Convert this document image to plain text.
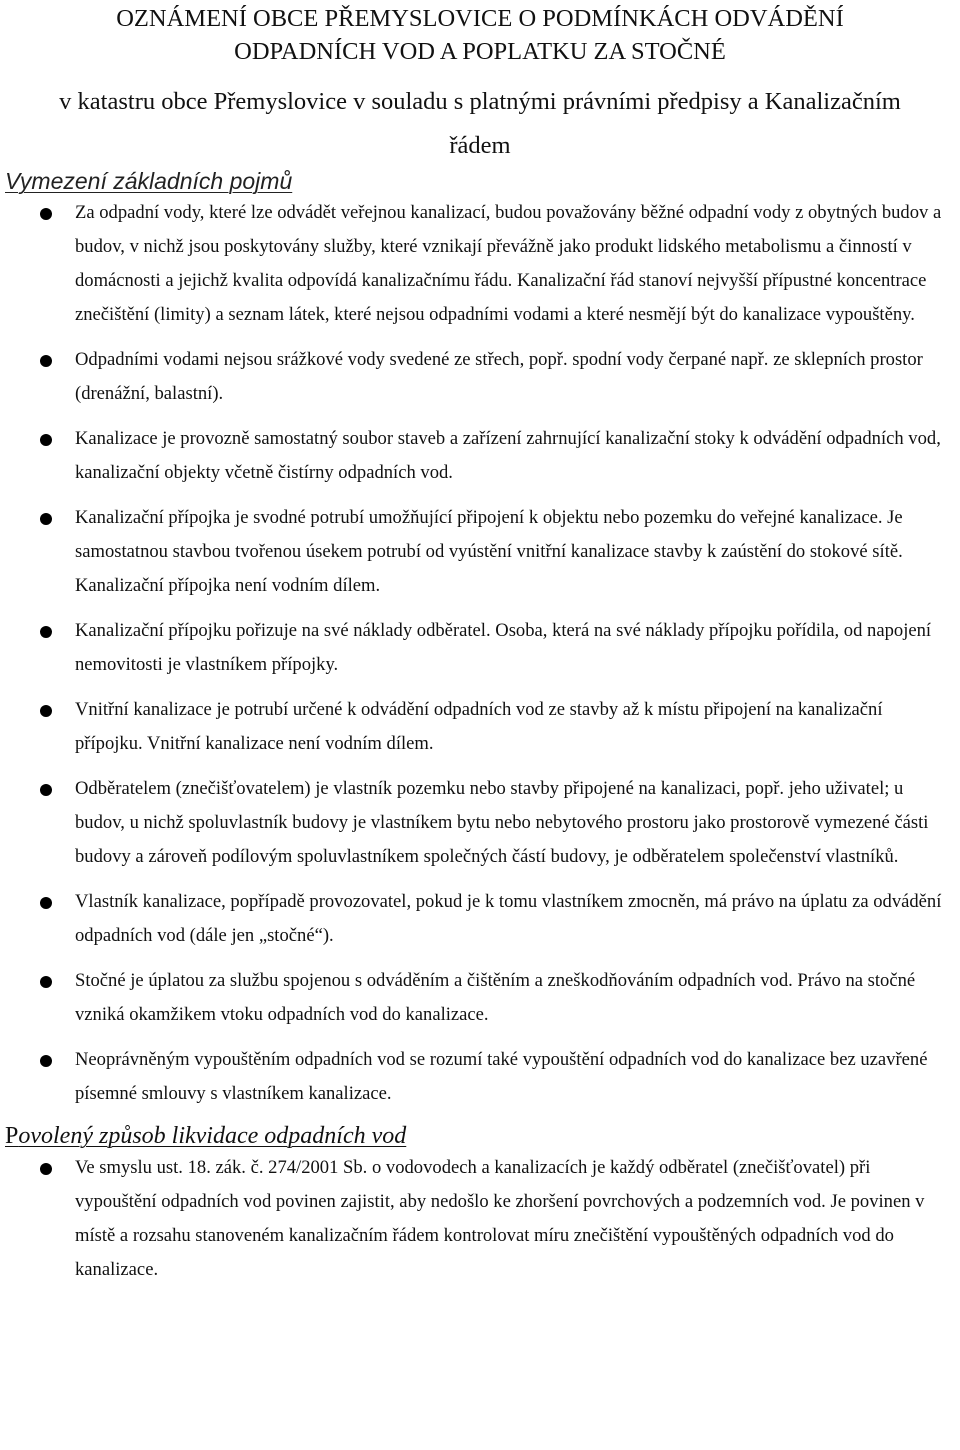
OZNÁMENÍ OBCE PŘEMYSLOVICE O PODMÍNKÁCH ODVÁDĚNÍ
ODPADNÍCH VOD A POPLATKU ZA STOČNÉ
v katastru obce Přemyslovice v souladu s platnými právními předpisy a Kanalizačním
řádem
Vymezení základních pojmů
Za odpadní vody, které lze odvádět veřejnou kanalizací, budou považovány běžné odpadní vody z obytných budov a budov, v nichž jsou poskytovány služby, které vznikají převážně jako produkt lidského metabolismu a činností v domácnosti a jejichž kvalita odpovídá kanalizačnímu řádu. Kanalizační řád stanoví nejvyšší přípustné koncentrace znečištění (limity) a seznam látek, které nejsou odpadními vodami a které nesmějí být do kanalizace vypouštěny.
Odpadními vodami nejsou srážkové vody svedené ze střech, popř. spodní vody čerpané např. ze sklepních prostor (drenážní, balastní).
Kanalizace je provozně samostatný soubor staveb a zařízení zahrnující kanalizační stoky k odvádění odpadních vod, kanalizační objekty včetně čistírny odpadních vod.
Kanalizační přípojka je svodné potrubí umožňující připojení k objektu nebo pozemku do veřejné kanalizace. Je samostatnou stavbou tvořenou úsekem potrubí od vyústění vnitřní kanalizace stavby k zaústění do stokové sítě. Kanalizační přípojka není vodním dílem.
Kanalizační přípojku pořizuje na své náklady odběratel. Osoba, která na své náklady přípojku pořídila, od napojení nemovitosti je vlastníkem přípojky.
Vnitřní kanalizace je potrubí určené k odvádění odpadních vod ze stavby až k místu připojení na kanalizační přípojku. Vnitřní kanalizace není vodním dílem.
Odběratelem (znečišťovatelem) je vlastník pozemku nebo stavby připojené na kanalizaci, popř. jeho uživatel; u budov, u nichž spoluvlastník budovy je vlastníkem bytu nebo nebytového prostoru jako prostorově vymezené části budovy a zároveň podílovým spoluvlastníkem společných částí budovy, je odběratelem společenství vlastníků.
Vlastník kanalizace, popřípadě provozovatel, pokud je k tomu vlastníkem zmocněn, má právo na úplatu za odvádění odpadních vod (dále jen „stočné“).
Stočné je úplatou za službu spojenou s odváděním a čištěním a zneškodňováním odpadních vod. Právo na stočné vzniká okamžikem vtoku odpadních vod do kanalizace.
Neoprávněným vypouštěním odpadních vod se rozumí také vypouštění odpadních vod do kanalizace bez uzavřené písemné smlouvy s vlastníkem kanalizace.
Povolený způsob likvidace odpadních vod
Ve smyslu ust. 18. zák. č. 274/2001 Sb. o vodovodech a kanalizacích je každý odběratel (znečišťovatel) při vypouštění odpadních vod povinen zajistit, aby nedošlo ke zhoršení povrchových a podzemních vod. Je povinen v místě a rozsahu stanoveném kanalizačním řádem kontrolovat míru znečištění vypouštěných odpadních vod do kanalizace.
